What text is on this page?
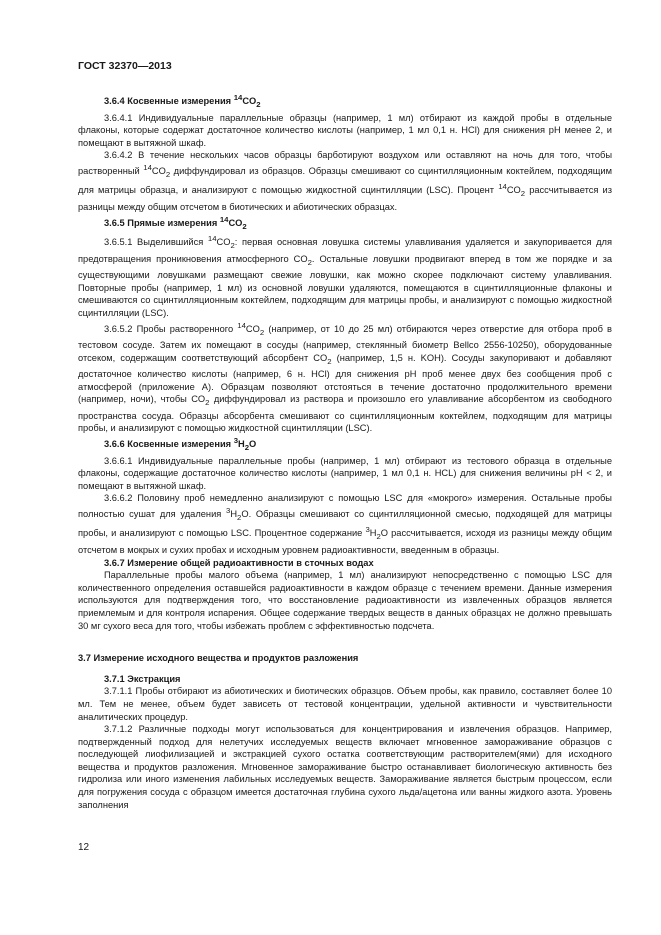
ГОСТ 32370—2013

3.6.4 Косвенные измерения $^{14}CO_2$

3.6.4.1 Индивидуальные параллельные образцы (например, 1 мл) отбирают из каждой пробы в отдельные флаконы, которые содержат достаточное количество кислоты (например, 1 мл 0,1 н. HCl) для снижения pH менее 2, и помещают в вытяжной шкаф.

3.6.4.2 В течение нескольких часов образцы барботируют воздухом или оставляют на ночь для того, чтобы растворенный $^{14}CO_2$ диффундировал из образцов. Образцы смешивают со сцинтилляционным коктейлем, подходящим для матрицы образца, и анализируют с помощью жидкостной сцинтилляции (LSC). Процент $^{14}CO_2$ рассчитывается из разницы между общим отсчетом в биотических и абиотических образцах.

3.6.5 Прямые измерения $^{14}CO_2$

3.6.5.1 Выделившийся $^{14}CO_2$: первая основная ловушка системы улавливания удаляется и закупоривается для предотвращения проникновения атмосферного $CO_2$. Остальные ловушки продвигают вперед в том же порядке и за существующими ловушками размещают свежие ловушки, как можно скорее подключают систему улавливания. Повторные пробы (например, 1 мл) из основной ловушки удаляются, помещаются в сцинтилляционные флаконы и смешиваются со сцинтилляционным коктейлем, подходящим для матрицы пробы, и анализируют с помощью жидкостной сцинтилляции (LSC).

3.6.5.2 Пробы растворенного $^{14}CO_2$ (например, от 10 до 25 мл) отбираются через отверстие для отбора проб в тестовом сосуде. Затем их помещают в сосуды (например, стеклянный биометр Bellco 2556-10250), оборудованные отсеком, содержащим соответствующий абсорбент $CO_2$ (например, 1,5 н. KOH). Сосуды закупоривают и добавляют достаточное количество кислоты (например, 6 н. HCl) для снижения pH проб менее двух без сообщения проб с атмосферой (приложение A). Образцам позволяют отстояться в течение достаточно продолжительного времени (например, ночи), чтобы $CO_2$ диффундировал из раствора и произошло его улавливание абсорбентом из свободного пространства сосуда. Образцы абсорбента смешивают со сцинтилляционным коктейлем, подходящим для матрицы пробы, и анализируют с помощью жидкостной сцинтилляции (LSC).

3.6.6 Косвенные измерения $^3H_2O$

3.6.6.1 Индивидуальные параллельные пробы (например, 1 мл) отбирают из тестового образца в отдельные флаконы, содержащие достаточное количество кислоты (например, 1 мл 0,1 н. HCL) для снижения величины pH < 2, и помещают в вытяжной шкаф.

3.6.6.2 Половину проб немедленно анализируют с помощью LSC для «мокрого» измерения. Остальные пробы полностью сушат для удаления $^3H_2O$. Образцы смешивают со сцинтилляционной смесью, подходящей для матрицы пробы, и анализируют с помощью LSC. Процентное содержание $^3H_2O$ рассчитывается, исходя из разницы между общим отсчетом в мокрых и сухих пробах и исходным уровнем радиоактивности, введенным в образцы.

3.6.7 Измерение общей радиоактивности в сточных водах

Параллельные пробы малого объема (например, 1 мл) анализируют непосредственно с помощью LSC для количественного определения оставшейся радиоактивности в каждом образце с течением времени. Данные измерения используются для подтверждения того, что восстановление радиоактивности из извлеченных образцов является приемлемым и для контроля испарения. Общее содержание твердых веществ в данных образцах не должно превышать 30 мг сухого веса для того, чтобы избежать проблем с эффективностью подсчета.

3.7 Измерение исходного вещества и продуктов разложения

3.7.1 Экстракция

3.7.1.1 Пробы отбирают из абиотических и биотических образцов. Объем пробы, как правило, составляет более 10 мл. Тем не менее, объем будет зависеть от тестовой концентрации, удельной активности и чувствительности аналитических процедур.

3.7.1.2 Различные подходы могут использоваться для концентрирования и извлечения образцов. Например, подтвержденный подход для нелетучих исследуемых веществ включает мгновенное замораживание образцов с последующей лиофилизацией и экстракцией сухого остатка соответствующим растворителем(ями) для исходного вещества и продуктов разложения. Мгновенное замораживание быстро останавливает биологическую активность без гидролиза или иного изменения лабильных исследуемых веществ. Замораживание является быстрым процессом, если для погружения сосуда с образцом имеется достаточная глубина сухого льда/ацетона или ванны жидкого азота. Уровень заполнения

12
